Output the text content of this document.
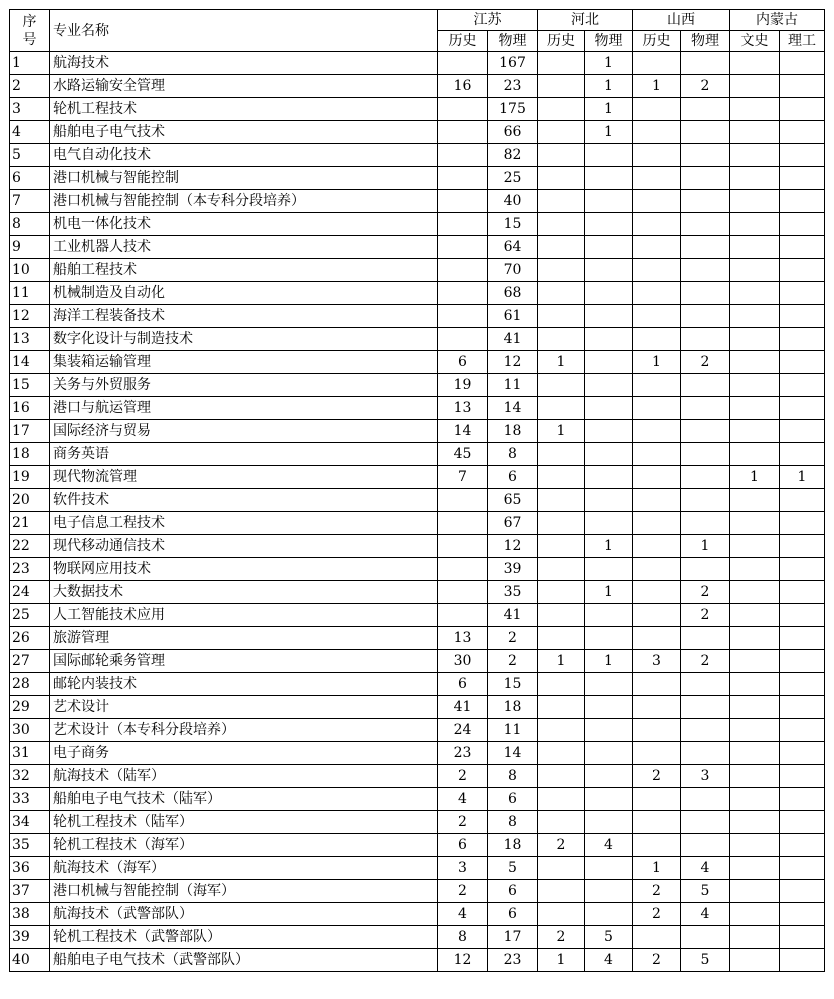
序
号	专业名称	江苏		河北		山西		内蒙古	
		历史	物理	历史	物理	历史	物理	文史	理工
1	航海技术		167		1				
2	水路运输安全管理	16	23		1	1	2		
3	轮机工程技术		175		1				
4	船舶电子电气技术		66		1				
5	电气自动化技术		82						
6	港口机械与智能控制		25						
7	港口机械与智能控制（本专科分段培养）		40						
8	机电一体化技术		15						
9	工业机器人技术		64						
10	船舶工程技术		70						
11	机械制造及自动化		68						
12	海洋工程装备技术		61						
13	数字化设计与制造技术		41						
14	集装箱运输管理	6	12	1		1	2		
15	关务与外贸服务	19	11						
16	港口与航运管理	13	14						
17	国际经济与贸易	14	18	1					
18	商务英语	45	8						
19	现代物流管理	7	6					1	1
20	软件技术		65						
21	电子信息工程技术		67						
22	现代移动通信技术		12		1		1		
23	物联网应用技术		39						
24	大数据技术		35		1		2		
25	人工智能技术应用		41				2		
26	旅游管理	13	2						
27	国际邮轮乘务管理	30	2	1	1	3	2		
28	邮轮内装技术	6	15						
29	艺术设计	41	18						
30	艺术设计（本专科分段培养）	24	11						
31	电子商务	23	14						
32	航海技术（陆军）	2	8			2	3		
33	船舶电子电气技术（陆军）	4	6						
34	轮机工程技术（陆军）	2	8						
35	轮机工程技术（海军）	6	18	2	4				
36	航海技术（海军）	3	5			1	4		
37	港口机械与智能控制（海军）	2	6			2	5		
38	航海技术（武警部队）	4	6			2	4		
39	轮机工程技术（武警部队）	8	17	2	5				
40	船舶电子电气技术（武警部队）	12	23	1	4	2	5		
